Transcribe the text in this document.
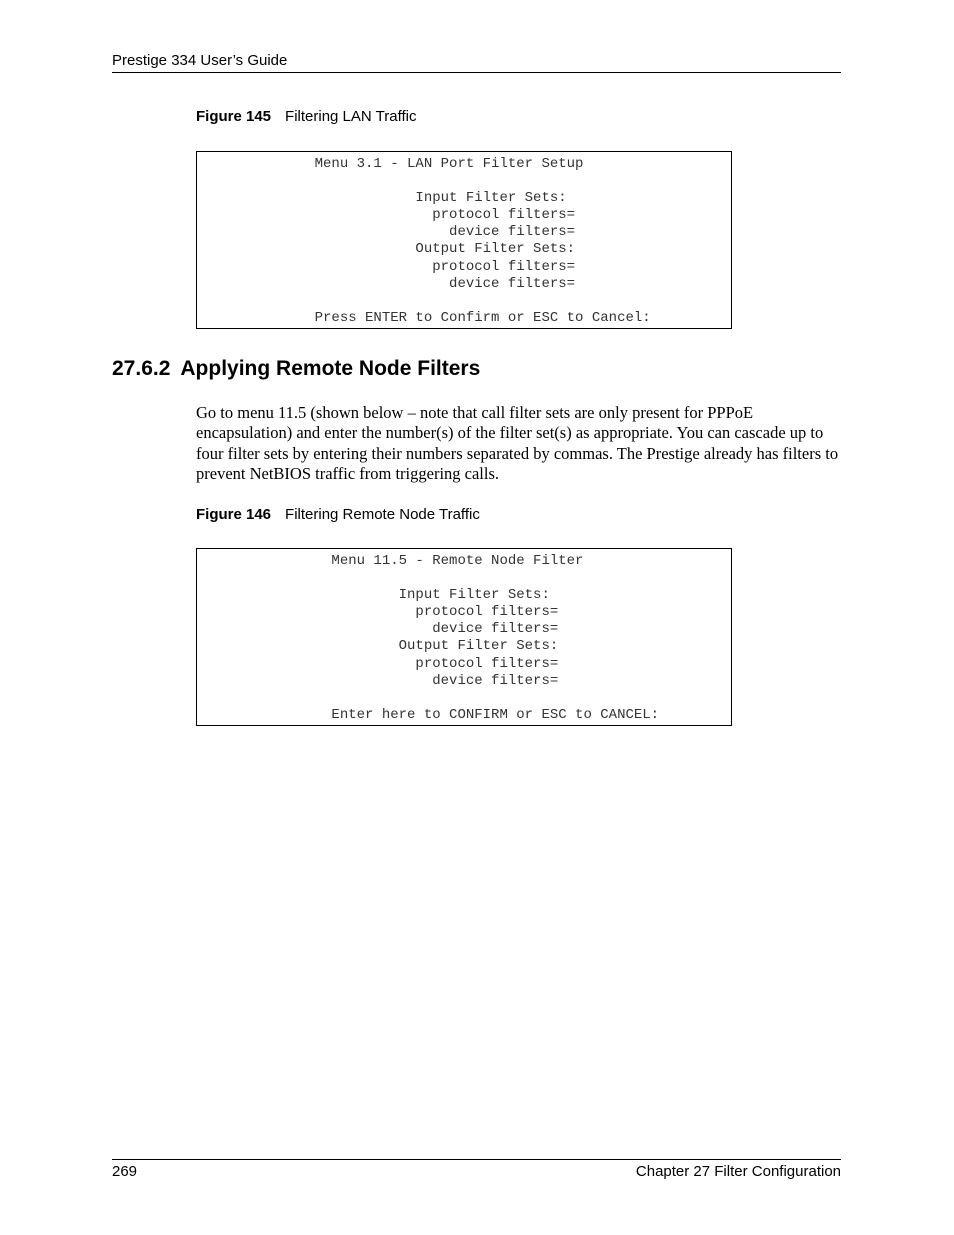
Prestige 334 User’s Guide
Figure 145 Filtering LAN Traffic
Menu 3.1 - LAN Port Filter Setup

Input Filter Sets:
protocol filters=
device filters=
Output Filter Sets:
protocol filters=
device filters=

Press ENTER to Confirm or ESC to Cancel:
27.6.2 Applying Remote Node Filters

Go to menu 11.5 (shown below – note that call filter sets are only present for PPPoE encapsulation) and enter the number(s) of the filter set(s) as appropriate. You can cascade up to four filter sets by entering their numbers separated by commas. The Prestige already has filters to prevent NetBIOS traffic from triggering calls.

Figure 146 Filtering Remote Node Traffic
Menu 11.5 - Remote Node Filter

Input Filter Sets:
protocol filters=
device filters=
Output Filter Sets:
protocol filters=
device filters=

Enter here to CONFIRM or ESC to CANCEL:
269	Chapter 27 Filter Configuration
